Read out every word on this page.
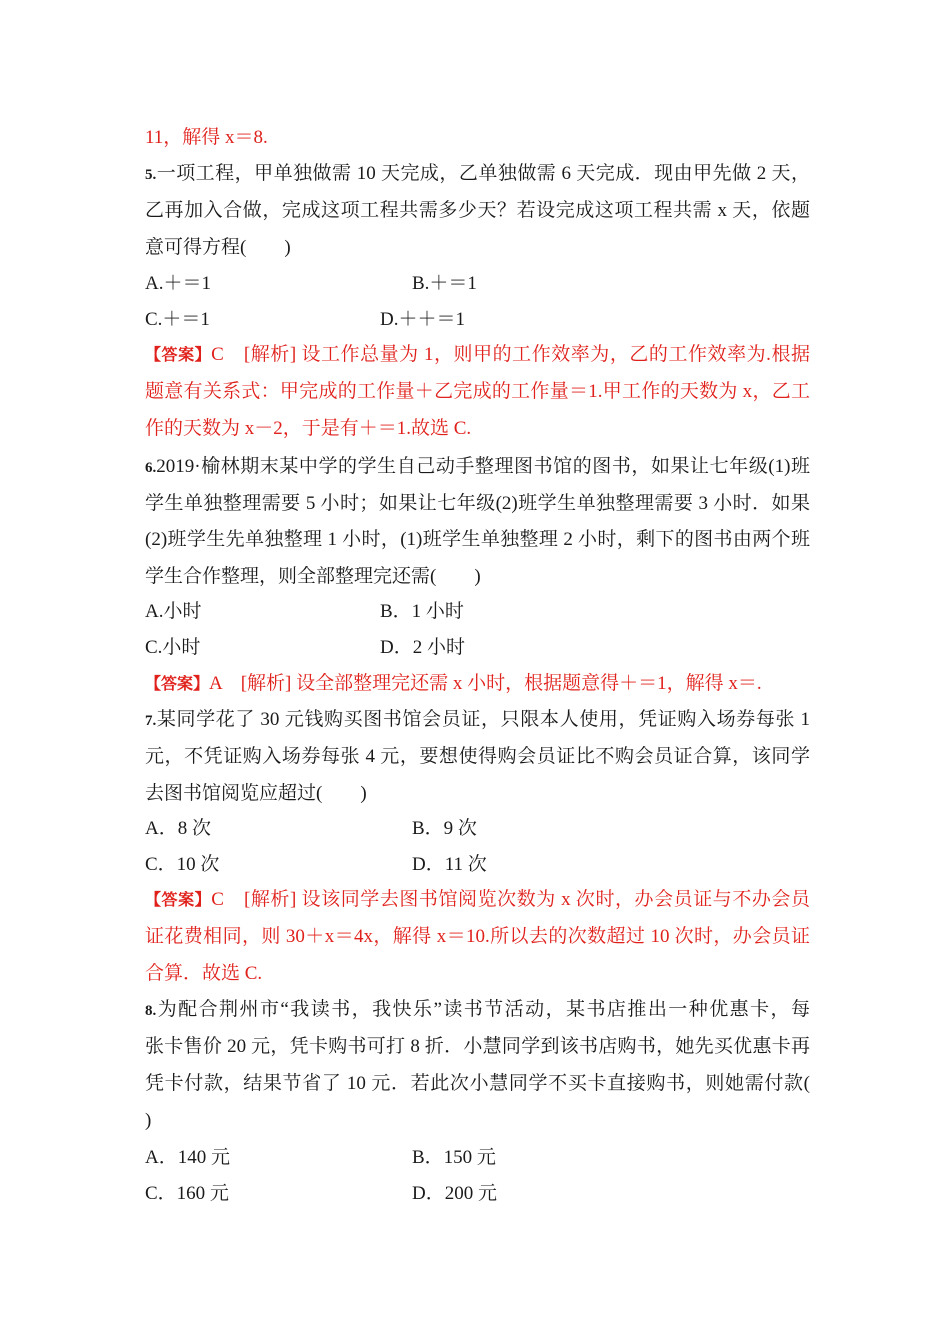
11，解得 x＝8.
5.一项工程，甲单独做需 10 天完成，乙单独做需 6 天完成．现由甲先做 2 天，
乙再加入合做，完成这项工程共需多少天？若设完成这项工程共需 x 天，依题
意可得方程(　　)
A.＋＝1	B.＋＝1
C.＋＝1	D.＋＋＝1
【答案】C　[解析] 设工作总量为 1，则甲的工作效率为，乙的工作效率为.根据
题意有关系式：甲完成的工作量＋乙完成的工作量＝1.甲工作的天数为 x，乙工
作的天数为 x－2，于是有＋＝1.故选 C.
6.2019·榆林期末某中学的学生自己动手整理图书馆的图书，如果让七年级(1)班
学生单独整理需要 5 小时；如果让七年级(2)班学生单独整理需要 3 小时．如果
(2)班学生先单独整理 1 小时，(1)班学生单独整理 2 小时，剩下的图书由两个班
学生合作整理，则全部整理完还需(　　)
A.小时	B．1 小时
C.小时	D．2 小时
【答案】A　[解析] 设全部整理完还需 x 小时，根据题意得＋＝1，解得 x＝.
7.某同学花了 30 元钱购买图书馆会员证，只限本人使用，凭证购入场券每张 1
元，不凭证购入场券每张 4 元，要想使得购会员证比不购会员证合算，该同学
去图书馆阅览应超过(　　)
A．8 次	B．9 次
C．10 次	D．11 次
【答案】C　[解析] 设该同学去图书馆阅览次数为 x 次时，办会员证与不办会员
证花费相同，则 30＋x＝4x，解得 x＝10.所以去的次数超过 10 次时，办会员证
合算．故选 C.
8.为配合荆州市“我读书，我快乐”读书节活动，某书店推出一种优惠卡，每
张卡售价 20 元，凭卡购书可打 8 折．小慧同学到该书店购书，她先买优惠卡再
凭卡付款，结果节省了 10 元．若此次小慧同学不买卡直接购书，则她需付款(
)
A．140 元	B．150 元
C．160 元	D．200 元
